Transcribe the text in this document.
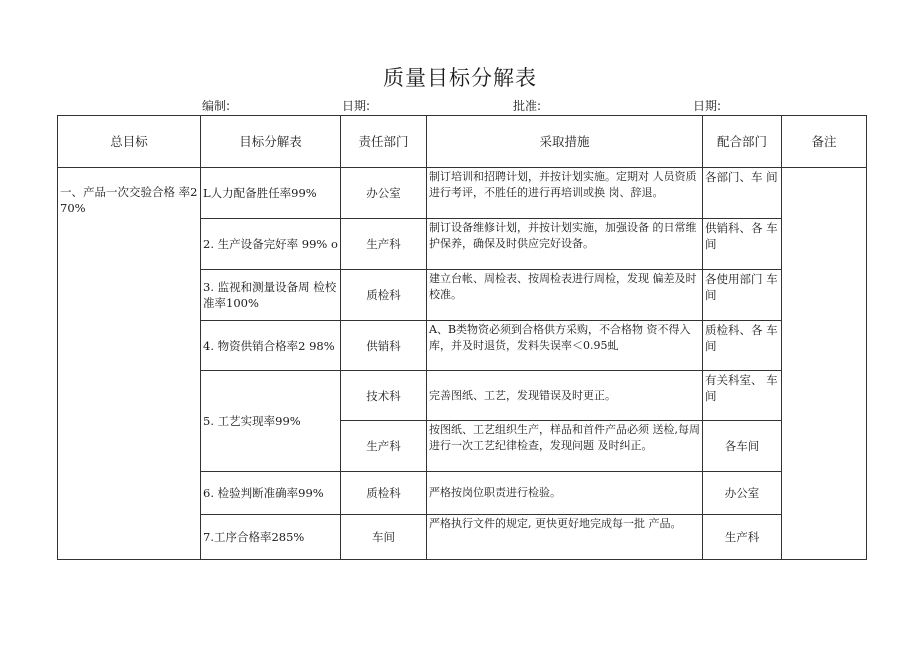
质量目标分解表
编制:	日期:	批准:	日期:
总目标	目标分解表	责任部门	采取措施	配合部门	备注
一、产品一次交验合格 率2 70%	L人力配备胜任率99%	办公室	制订培训和招聘计划，并按计划实施。定期对 人员资质进行考评，不胜任的进行再培训或换 岗、辞退。	各部门、车 间	
	2. 生产设备完好率 99% o	生产科	制订设备维修计划，并按计划实施，加强设备 的日常维护保养，确保及时供应完好设备。	供销科、各 车间	
	3. 监视和测量设备周 检校准率100%	质检科	建立台帐、周检表、按周检表进行周检，发现 偏差及时校准。	各使用部门 车间	
	4. 物资供销合格率2 98%	供销科	A、B类物资必须到合格供方采购，不合格物 资不得入库，并及时退货，发料失误率＜0.95虬	质检科、各 车间	
	5. 工艺实现率99%	技术科	完善图纸、工艺，发现错误及时更正。	有关科室、 车间	
		生产科	按图纸、工艺组织生产，样品和首件产品必须 送检,每周进行一次工艺纪律检查，发现问题 及时纠正。	各车间	
	6. 检验判断准确率99%	质检科	严格按岗位职责进行检验。	办公室	
	7.工序合格率285%	车间	严格执行文件的规定, 更快更好地完成每一批 产品。	生产科	
